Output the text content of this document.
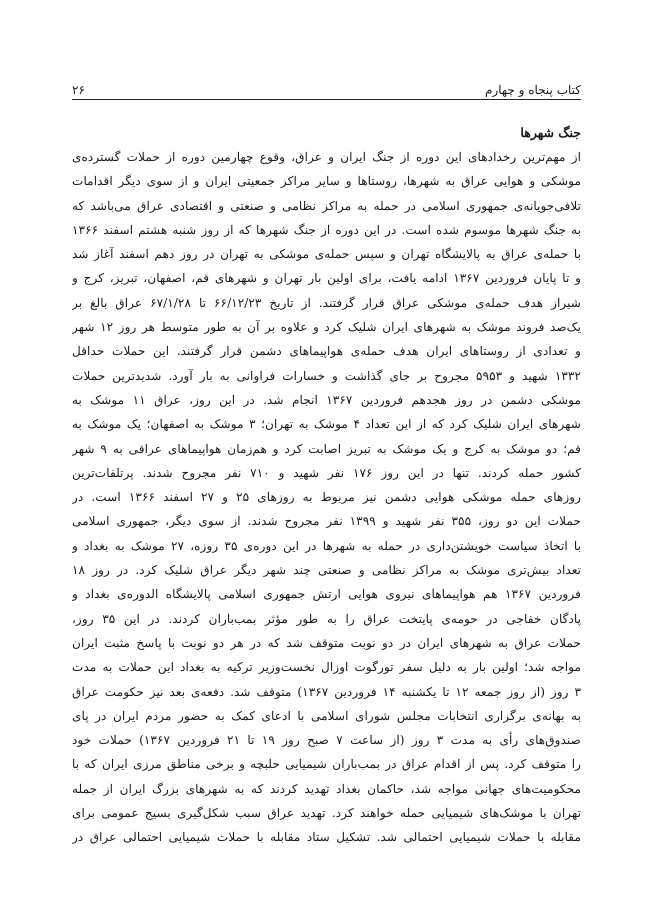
کتاب پنجاه و چهارم
۲۶
جنگ شهرها

از مهم‌ترین رخدادهای این دوره از جنگ ایران و عراق، وقوع چهارمین دوره از حملات گسترده‌ی
موشکی و هوایی عراق به شهرها، روستاها و سایر مراکز جمعیتی ایران و از سوی دیگر اقدامات
تلافی‌جویانه‌ی جمهوری اسلامی در حمله به مراکز نظامی و صنعتی و اقتصادی عراق می‌باشد که
به جنگ شهرها موسوم شده است. در این دوره از جنگ شهرها که از روز شنبه هشتم اسفند ۱۳۶۶
با حمله‌ی عراق به پالایشگاه تهران و سپس حمله‌ی موشکی به تهران در روز دهم اسفند آغاز شد
و تا پایان فروردین ۱۳۶۷ ادامه یافت، برای اولین بار تهران و شهرهای قم، اصفهان، تبریز، کرج و
شیراز هدف حمله‌ی موشکی عراق قرار گرفتند. از تاریخ ۶۶/۱۲/۲۳ تا ۶۷/۱/۲۸ عراق بالغ بر
یک‌صد فروند موشک به شهرهای ایران شلیک کرد و علاوه بر آن به طور متوسط هر روز ۱۲ شهر
و تعدادی از روستاهای ایران هدف حمله‌ی هواپیماهای دشمن قرار گرفتند. این حملات حداقل
۱۳۳۲ شهید و ۵۹۵۳ مجروح بر جای گذاشت و خسارات فراوانی به بار آورد. شدیدترین حملات
موشکی دشمن در روز هجدهم فروردین ۱۳۶۷ انجام شد. در این روز، عراق ۱۱ موشک به
شهرهای ایران شلیک کرد که از این تعداد ۴ موشک به تهران؛ ۳ موشک به اصفهان؛ یک موشک به
قم؛ دو موشک به کرج و یک موشک به تبریز اصابت کرد و هم‌زمان هواپیماهای عراقی به ۹ شهر
کشور حمله کردند. تنها در این روز ۱۷۶ نفر شهید و ۷۱۰ نفر مجروح شدند. پرتلفات‌ترین
روزهای حمله موشکی هوایی دشمن نیز مربوط به روزهای ۲۵ و ۲۷ اسفند ۱۳۶۶ است. در
حملات این دو روز، ۳۵۵ نفر شهید و ۱۳۹۹ نفر مجروح شدند. از سوی دیگر، جمهوری اسلامی
با اتخاذ سیاست خویشتن‌داری در حمله به شهرها در این دوره‌ی ۳۵ روزه، ۲۷ موشک به بغداد و
تعداد بیش‌تری موشک به مراکز نظامی و صنعتی چند شهر دیگر عراق شلیک کرد. در روز ۱۸
فروردین ۱۳۶۷ هم هواپیماهای نیروی هوایی ارتش جمهوری اسلامی پالایشگاه الدوره‌ی بغداد و
پادگان خفاجی در حومه‌ی پایتخت عراق را به طور مؤثر بمب‌باران کردند. در این ۳۵ روز،
حملات عراق به شهرهای ایران در دو نوبت متوقف شد که در هر دو نوبت با پاسخ مثبت ایران
مواجه شد؛ اولین بار به دلیل سفر تورگوت اوزال نخست‌وزیر ترکیه به بغداد این حملات به مدت
۳ روز (از روز جمعه ۱۲ تا یکشنبه ۱۴ فروردین ۱۳۶۷) متوقف شد. دفعه‌ی بعد نیز حکومت عراق
به بهانه‌ی برگزاری انتخابات مجلس شورای اسلامی با ادعای کمک به حضور مردم ایران در پای
صندوق‌های رأی به مدت ۳ روز (از ساعت ۷ صبح روز ۱۹ تا ۲۱ فروردین ۱۳۶۷) حملات خود
را متوقف کرد. پس از اقدام عراق در بمب‌باران شیمیایی حلبچه و برخی مناطق مرزی ایران که با
محکومیت‌های جهانی مواجه شد، حاکمان بغداد تهدید کردند که به شهرهای بزرگ ایران از جمله
تهران با موشک‌های شیمیایی حمله خواهند کرد. تهدید عراق سبب شکل‌گیری بسیج عمومی برای
مقابله با حملات شیمیایی احتمالی شد. تشکیل ستاد مقابله با حملات شیمیایی احتمالی عراق در
